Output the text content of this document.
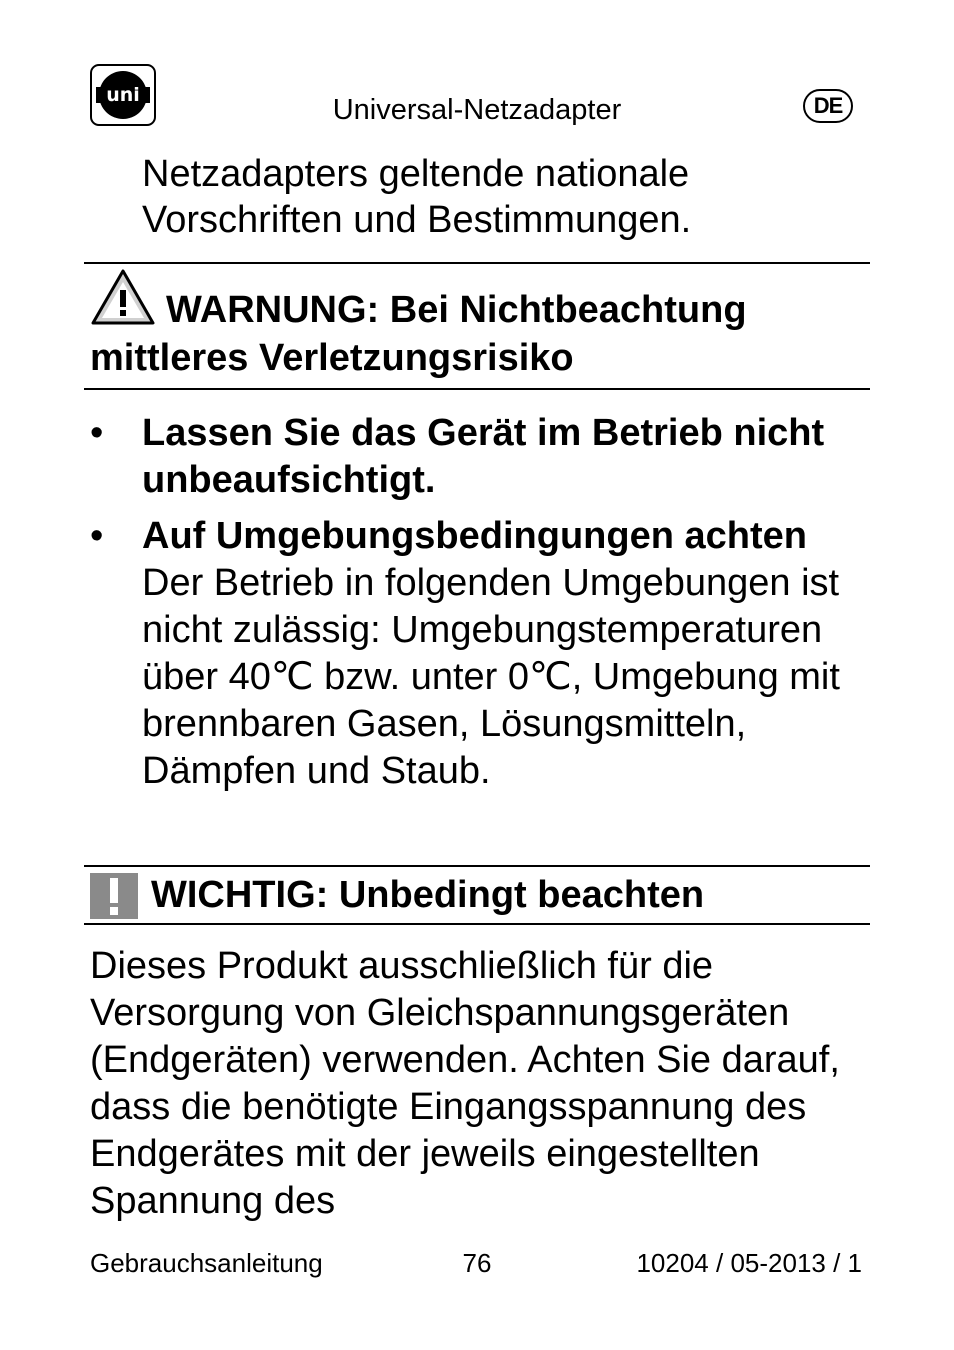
uni	Universal-Netzadapter	DE
Netzadapters geltende nationale Vorschriften und Bestimmungen.
WARNUNG: Bei Nichtbeachtung
mittleres Verletzungsrisiko
• Lassen Sie das Gerät im Betrieb nicht unbeaufsichtigt.
• Auf Umgebungsbedingungen achten
Der Betrieb in folgenden Umgebungen ist nicht zulässig: Umgebungstemperaturen über 40℃ bzw. unter 0℃, Umgebung mit brennbaren Gasen, Lösungsmitteln, Dämpfen und Staub.
WICHTIG: Unbedingt beachten
Dieses Produkt ausschließlich für die Versorgung von Gleichspannungsgeräten (Endgeräten) verwenden. Achten Sie darauf, dass die benötigte Eingangsspannung des Endgerätes mit der jeweils eingestellten Spannung des
Gebrauchsanleitung	76	10204 / 05-2013 / 1
